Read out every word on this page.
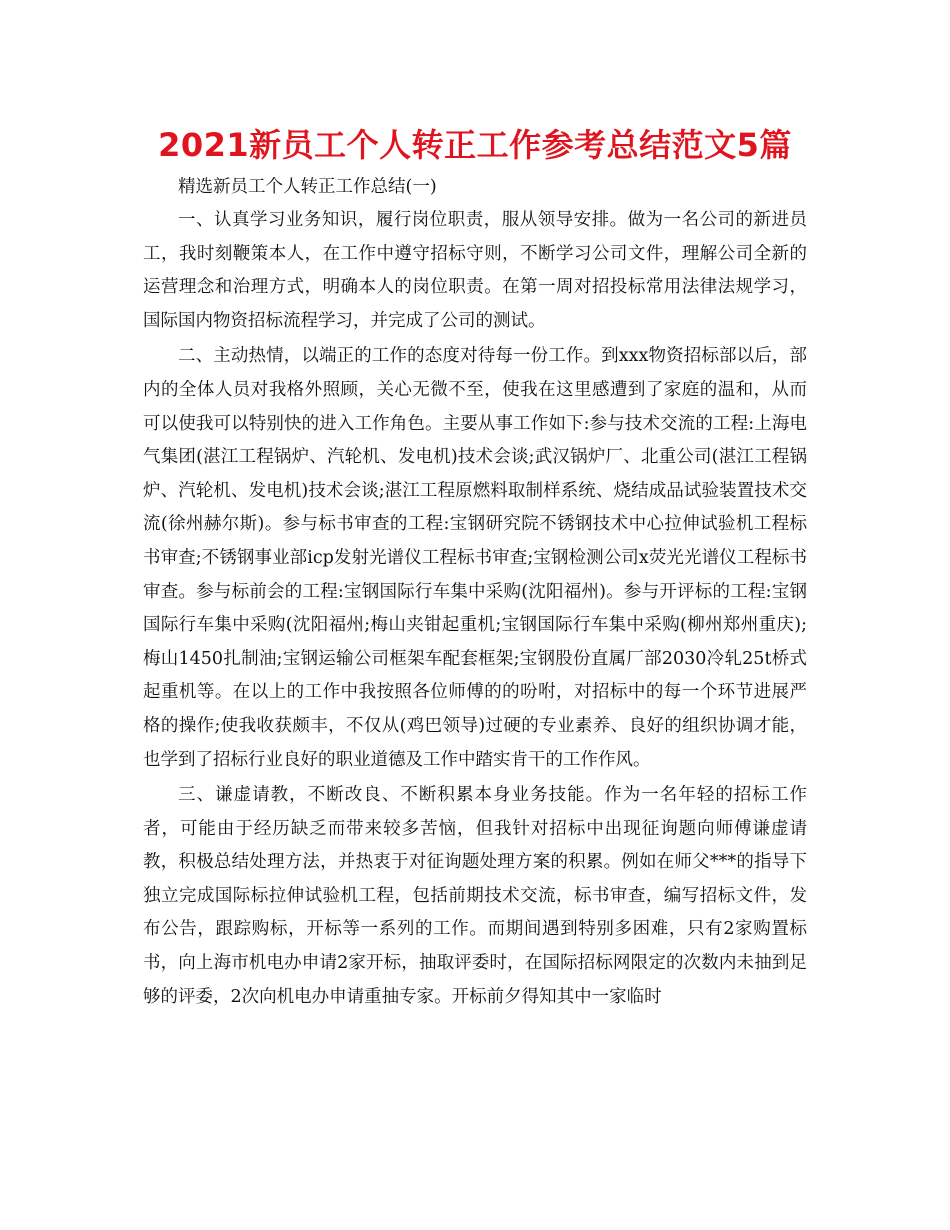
2021新员工个人转正工作参考总结范文5篇

精选新员工个人转正工作总结(一)

一、认真学习业务知识，履行岗位职责，服从领导安排。做为一名公司的新进员工，我时刻鞭策本人，在工作中遵守招标守则，不断学习公司文件，理解公司全新的运营理念和治理方式，明确本人的岗位职责。在第一周对招投标常用法律法规学习，国际国内物资招标流程学习，并完成了公司的测试。

二、主动热情，以端正的工作的态度对待每一份工作。到xxx物资招标部以后，部内的全体人员对我格外照顾，关心无微不至，使我在这里感遭到了家庭的温和，从而可以使我可以特别快的进入工作角色。主要从事工作如下:参与技术交流的工程:上海电气集团(湛江工程锅炉、汽轮机、发电机)技术会谈;武汉锅炉厂、北重公司(湛江工程锅炉、汽轮机、发电机)技术会谈;湛江工程原燃料取制样系统、烧结成品试验装置技术交流(徐州赫尔斯)。参与标书审查的工程:宝钢研究院不锈钢技术中心拉伸试验机工程标书审查;不锈钢事业部icp发射光谱仪工程标书审查;宝钢检测公司x荧光光谱仪工程标书审查。参与标前会的工程:宝钢国际行车集中采购(沈阳福州)。参与开评标的工程:宝钢国际行车集中采购(沈阳福州;梅山夹钳起重机;宝钢国际行车集中采购(柳州郑州重庆);梅山1450扎制油;宝钢运输公司框架车配套框架;宝钢股份直属厂部2030冷轧25t桥式起重机等。在以上的工作中我按照各位师傅的的吩咐，对招标中的每一个环节进展严格的操作;使我收获颇丰，不仅从(鸡巴领导)过硬的专业素养、良好的组织协调才能，也学到了招标行业良好的职业道德及工作中踏实肯干的工作作风。

三、谦虚请教，不断改良、不断积累本身业务技能。作为一名年轻的招标工作者，可能由于经历缺乏而带来较多苦恼，但我针对招标中出现征询题向师傅谦虚请教，积极总结处理方法，并热衷于对征询题处理方案的积累。例如在师父***的指导下独立完成国际标拉伸试验机工程，包括前期技术交流，标书审查，编写招标文件，发布公告，跟踪购标，开标等一系列的工作。而期间遇到特别多困难，只有2家购置标书，向上海市机电办申请2家开标，抽取评委时，在国际招标网限定的次数内未抽到足够的评委，2次向机电办申请重抽专家。开标前夕得知其中一家临时
